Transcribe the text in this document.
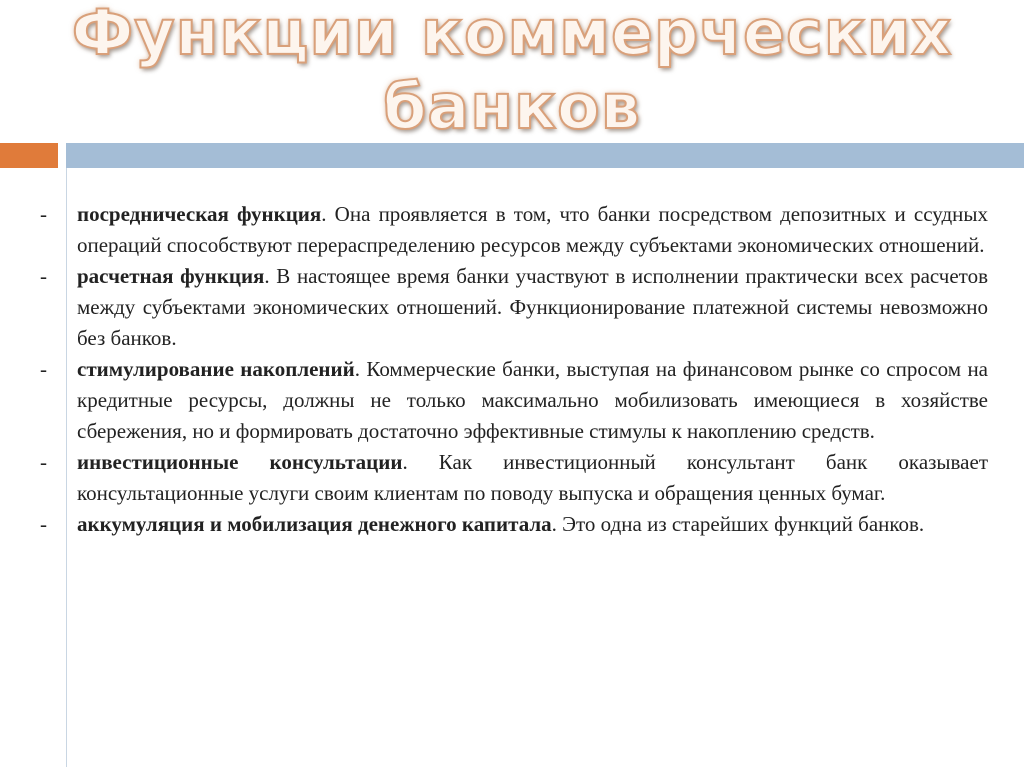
Функции коммерческих
банков
- посредническая функция. Она проявляется в том, что банки посредством депозитных и ссудных операций способствуют перераспределению ресурсов между субъектами экономических отношений.
- расчетная функция. В настоящее время банки участвуют в исполнении практически всех расчетов между субъектами экономических отношений. Функционирование платежной системы невозможно без банков.
- стимулирование накоплений. Коммерческие банки, выступая на финансовом рынке со спросом на кредитные ресурсы, должны не только максимально мобилизовать имеющиеся в хозяйстве сбережения, но и формировать достаточно эффективные стимулы к накоплению средств.
- инвестиционные консультации. Как инвестиционный консультант банк оказывает консультационные услуги своим клиентам по поводу выпуска и обращения ценных бумаг.
- аккумуляция и мобилизация денежного капитала. Это одна из старейших функций банков.
